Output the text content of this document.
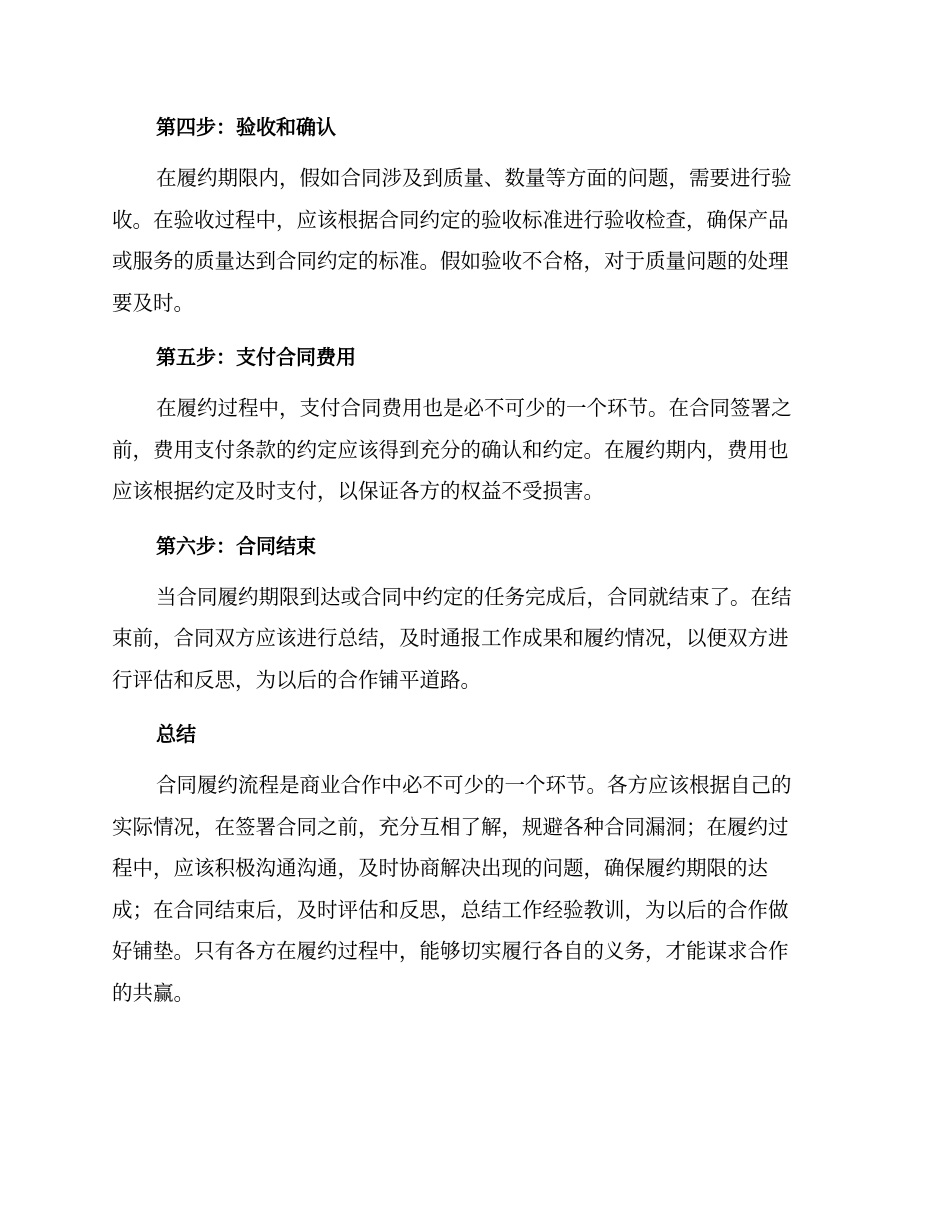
第四步：验收和确认
在履约期限内，假如合同涉及到质量、数量等方面的问题，需要进行验
收。在验收过程中，应该根据合同约定的验收标准进行验收检查，确保产品
或服务的质量达到合同约定的标准。假如验收不合格，对于质量问题的处理
要及时。
第五步：支付合同费用
在履约过程中，支付合同费用也是必不可少的一个环节。在合同签署之
前，费用支付条款的约定应该得到充分的确认和约定。在履约期内，费用也
应该根据约定及时支付，以保证各方的权益不受损害。
第六步：合同结束
当合同履约期限到达或合同中约定的任务完成后，合同就结束了。在结
束前，合同双方应该进行总结，及时通报工作成果和履约情况，以便双方进
行评估和反思，为以后的合作铺平道路。
总结
合同履约流程是商业合作中必不可少的一个环节。各方应该根据自己的
实际情况，在签署合同之前，充分互相了解，规避各种合同漏洞；在履约过
程中，应该积极沟通沟通，及时协商解决出现的问题，确保履约期限的达
成；在合同结束后，及时评估和反思，总结工作经验教训，为以后的合作做
好铺垫。只有各方在履约过程中，能够切实履行各自的义务，才能谋求合作
的共赢。
